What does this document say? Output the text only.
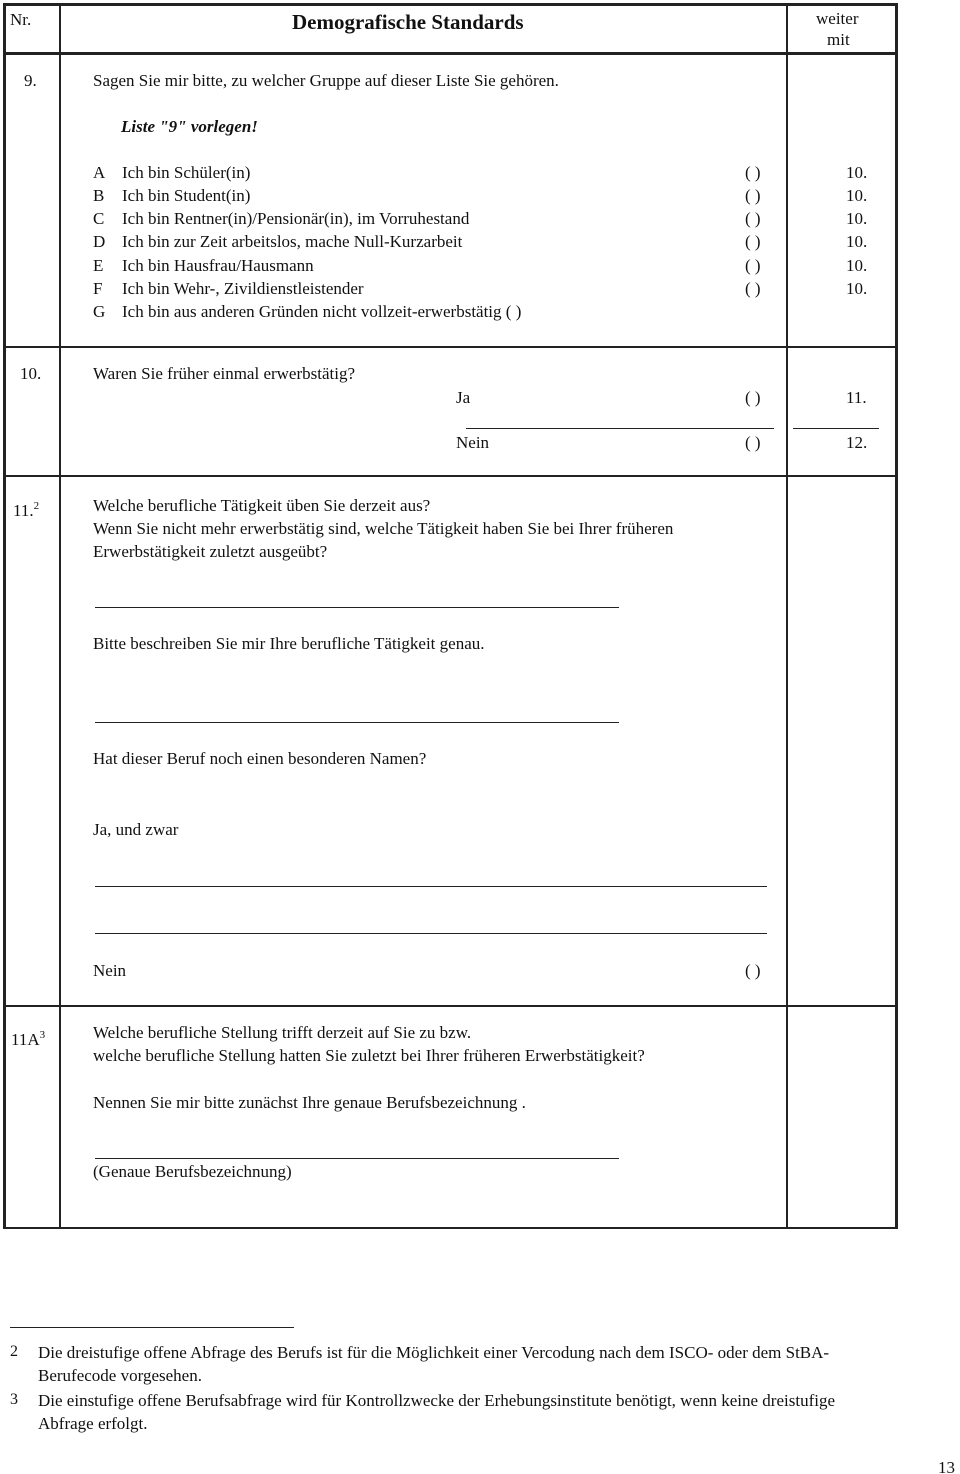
Nr.	Demografische Standards	weiter
mit
9.	Sagen Sie mir bitte, zu welcher Gruppe auf dieser Liste Sie gehören.
Liste "9" vorlegen!
A Ich bin Schüler(in)	( )	10.
B Ich bin Student(in)	( )	10.
C Ich bin Rentner(in)/Pensionär(in), im Vorruhestand	( )	10.
D Ich bin zur Zeit arbeitslos, mache Null-Kurzarbeit	( )	10.
E Ich bin Hausfrau/Hausmann	( )	10.
F Ich bin Wehr-, Zivildienstleistender	( )	10.
G Ich bin aus anderen Gründen nicht vollzeit-erwerbstätig ( )
10.	Waren Sie früher einmal erwerbstätig?
Ja	( )	11.
Nein	( )	12.
11.$^2$	Welche berufliche Tätigkeit üben Sie derzeit aus?
Wenn Sie nicht mehr erwerbstätig sind, welche Tätigkeit haben Sie bei Ihrer früheren
Erwerbstätigkeit zuletzt ausgeübt?
Bitte beschreiben Sie mir Ihre berufliche Tätigkeit genau.
Hat dieser Beruf noch einen besonderen Namen?
Ja, und zwar
Nein	( )
$11A^3$	Welche berufliche Stellung trifft derzeit auf Sie zu bzw.
welche berufliche Stellung hatten Sie zuletzt bei Ihrer früheren Erwerbstätigkeit?
Nennen Sie mir bitte zunächst Ihre genaue Berufsbezeichnung .
(Genaue Berufsbezeichnung)
2 Die dreistufige offene Abfrage des Berufs ist für die Möglichkeit einer Vercodung nach dem ISCO- oder dem StBA-
Berufecode vorgesehen.
3 Die einstufige offene Berufsabfrage wird für Kontrollzwecke der Erhebungsinstitute benötigt, wenn keine dreistufige
Abfrage erfolgt.
13
